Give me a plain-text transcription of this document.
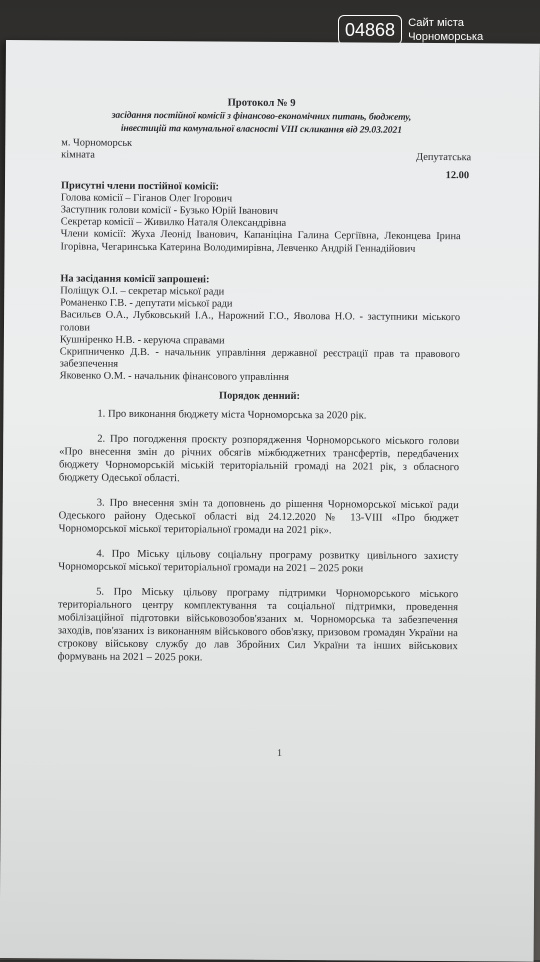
04868	Сайт міста
Чорноморська
Протокол № 9
засідання постійної комісії з фінансово-економічних питань, бюджету,
інвестицій та комунальної власності VIII скликання від 29.03.2021
м. Чорноморськ
кімната	Депутатська
12.00
Присутні члени постійної комісії:
Голова комісії – Гіганов Олег Ігорович
Заступник голови комісії - Бузько Юрій Іванович
Секретар комісії – Живилко Наталя Олександрівна
Члени комісії: Жуха Леонід Іванович, Капаніціна Галина Сергіївна, Леконцева Ірина Ігорівна, Чегаринська Катерина Володимирівна, Левченко Андрій Геннадійович
На засідання комісії запрошені:
Поліщук О.І. – секретар міської ради
Романенко Г.В. - депутати міської ради
Васильєв О.А., Лубковський І.А., Нарожний Г.О., Яволова Н.О. - заступники міського голови
Кушніренко Н.В. - керуюча справами
Скрипниченко Д.В. - начальник управління державної реєстрації прав та правового забезпечення
Яковенко О.М. - начальник фінансового управління
Порядок денний:

1. Про виконання бюджету міста Чорноморська за 2020 рік.

2. Про погодження проєкту розпорядження Чорноморського міського голови «Про внесення змін до річних обсягів міжбюджетних трансфертів, передбачених бюджету Чорноморській міській територіальній громаді на 2021 рік, з обласного бюджету Одеської області.

3. Про внесення змін та доповнень до рішення Чорноморської міської ради Одеського району Одеської області від 24.12.2020 № 13-VIII «Про бюджет Чорноморської міської територіальної громади на 2021 рік».

4. Про Міську цільову соціальну програму розвитку цивільного захисту Чорноморської міської територіальної громади на 2021 – 2025 роки

5. Про Міську цільову програму підтримки Чорноморського міського територіального центру комплектування та соціальної підтримки, проведення мобілізаційної підготовки військовозобов'язаних м. Чорноморська та забезпечення заходів, пов'язаних із виконанням військового обов'язку, призовом громадян України на строкову військову службу до лав Збройних Сил України та інших військових формувань на 2021 – 2025 роки.

1
